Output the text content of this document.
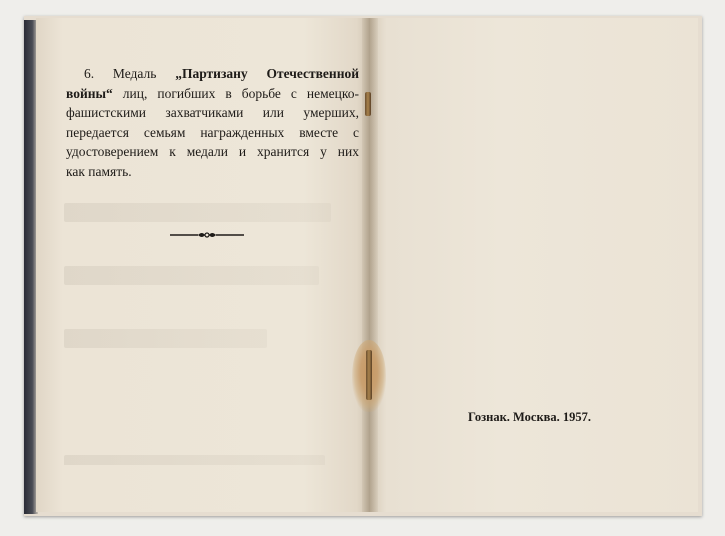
6. Медаль „Партизану Отечественной
войны“ лиц, погибших в борьбе с немецко-
фашистскими захватчиками или умерших,
передается семьям награжденных вместе с
удостоверением к медали и хранится у них
как память.
Гознак. Москва. 1957.
